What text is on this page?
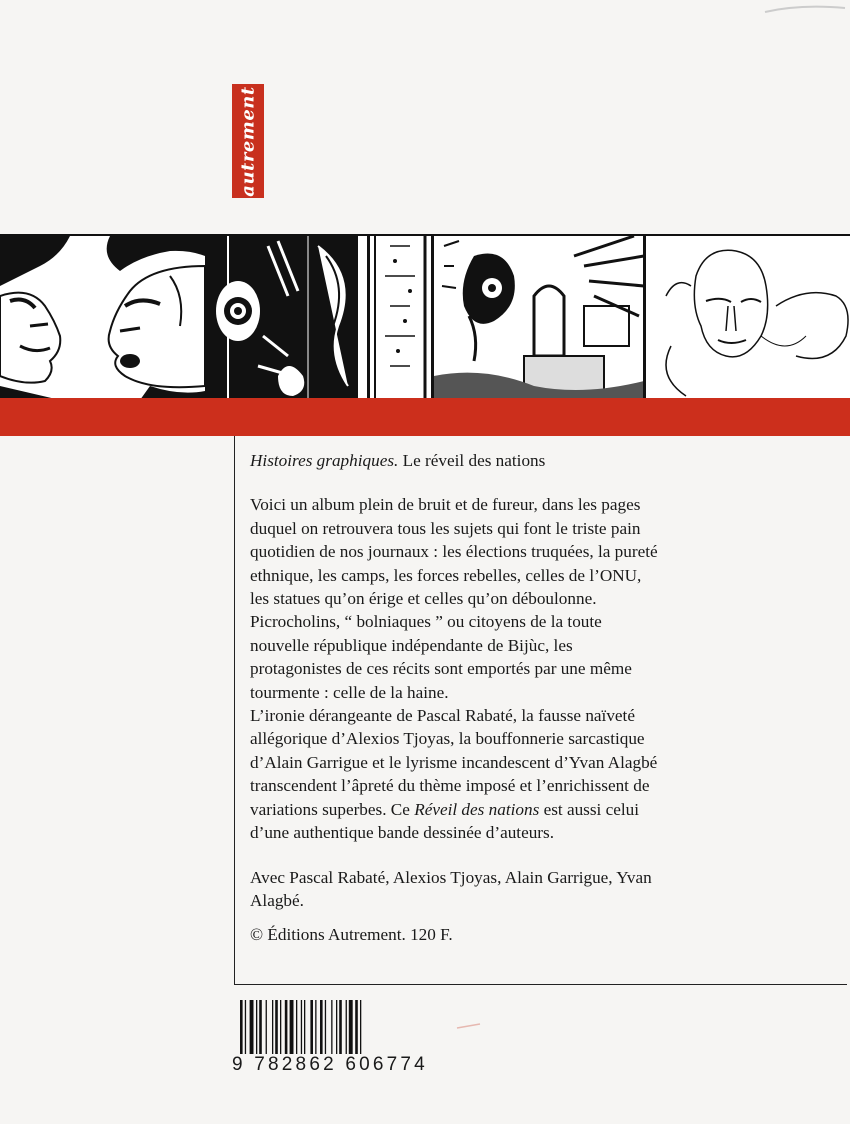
autrement

Histoires graphiques. Le réveil des nations

Voici un album plein de bruit et de fureur, dans les pages duquel on retrouvera tous les sujets qui font le triste pain quotidien de nos journaux : les élections truquées, la pureté ethnique, les camps, les forces rebelles, celles de l’ONU, les statues qu’on érige et celles qu’on déboulonne. Picrocholins, “ bolniaques ” ou citoyens de la toute nouvelle république indépendante de Bijùc, les protagonistes de ces récits sont emportés par une même tourmente : celle de la haine.

L’ironie dérangeante de Pascal Rabaté, la fausse naïveté allégorique d’Alexios Tjoyas, la bouffonnerie sarcastique d’Alain Garrigue et le lyrisme incandescent d’Yvan Alagbé transcendent l’âpreté du thème imposé et l’enrichissent de variations superbes. Ce Réveil des nations est aussi celui d’une authentique bande dessinée d’auteurs.

Avec Pascal Rabaté, Alexios Tjoyas, Alain Garrigue, Yvan Alagbé.

© Éditions Autrement. 120 F.

9 782862 606774
